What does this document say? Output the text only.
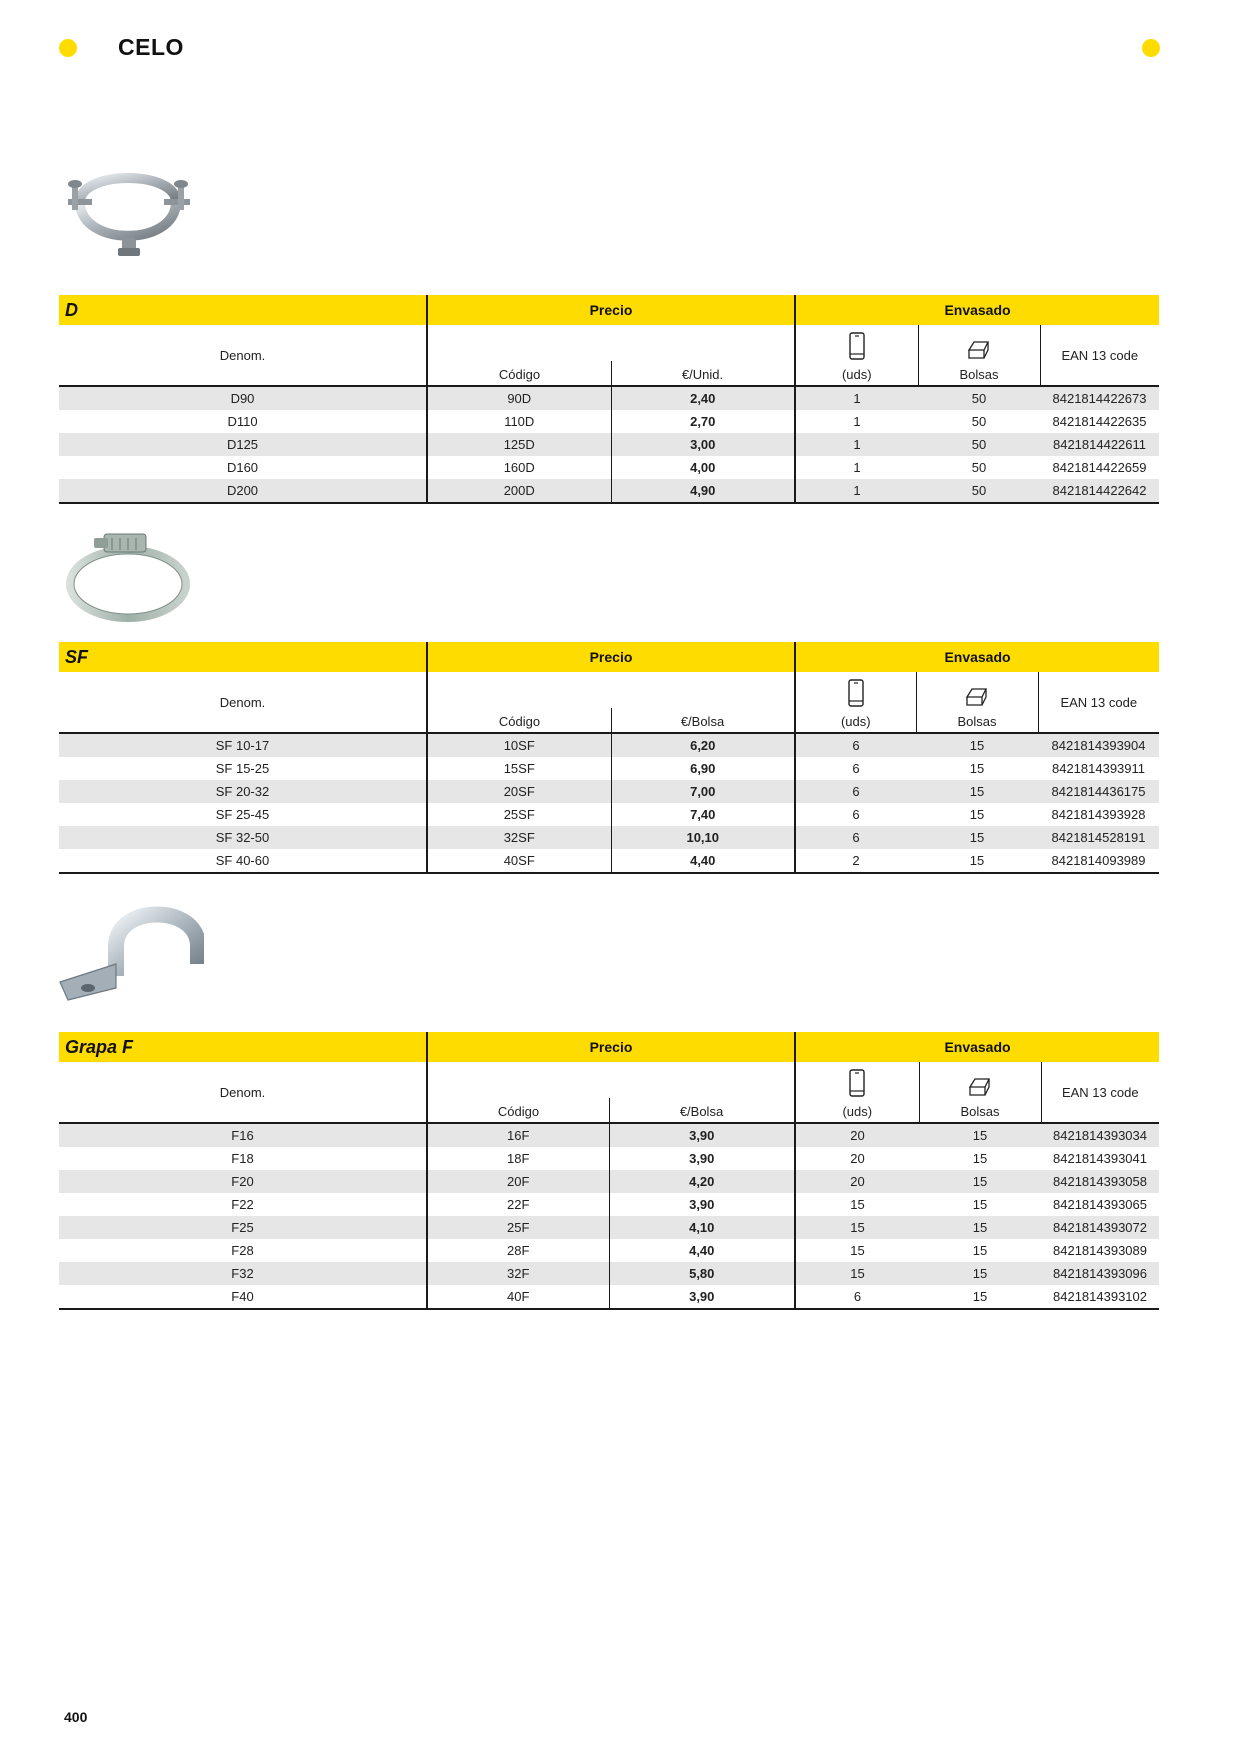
CELO
D	Precio		Envasado		
Denom.	Código	€/Unid.	(uds)	Bolsas	EAN 13 code
D90	90D	2,40	1	50	8421814422673
D110	110D	2,70	1	50	8421814422635
D125	125D	3,00	1	50	8421814422611
D160	160D	4,00	1	50	8421814422659
D200	200D	4,90	1	50	8421814422642
SF	Precio		Envasado		
Denom.	Código	€/Bolsa	(uds)	Bolsas	EAN 13 code
SF 10-17	10SF	6,20	6	15	8421814393904
SF 15-25	15SF	6,90	6	15	8421814393911
SF 20-32	20SF	7,00	6	15	8421814436175
SF 25-45	25SF	7,40	6	15	8421814393928
SF 32-50	32SF	10,10	6	15	8421814528191
SF 40-60	40SF	4,40	2	15	8421814093989
Grapa F	Precio		Envasado		
Denom.	Código	€/Bolsa	(uds)	Bolsas	EAN 13 code
F16	16F	3,90	20	15	8421814393034
F18	18F	3,90	20	15	8421814393041
F20	20F	4,20	20	15	8421814393058
F22	22F	3,90	15	15	8421814393065
F25	25F	4,10	15	15	8421814393072
F28	28F	4,40	15	15	8421814393089
F32	32F	5,80	15	15	8421814393096
F40	40F	3,90	6	15	8421814393102
400
